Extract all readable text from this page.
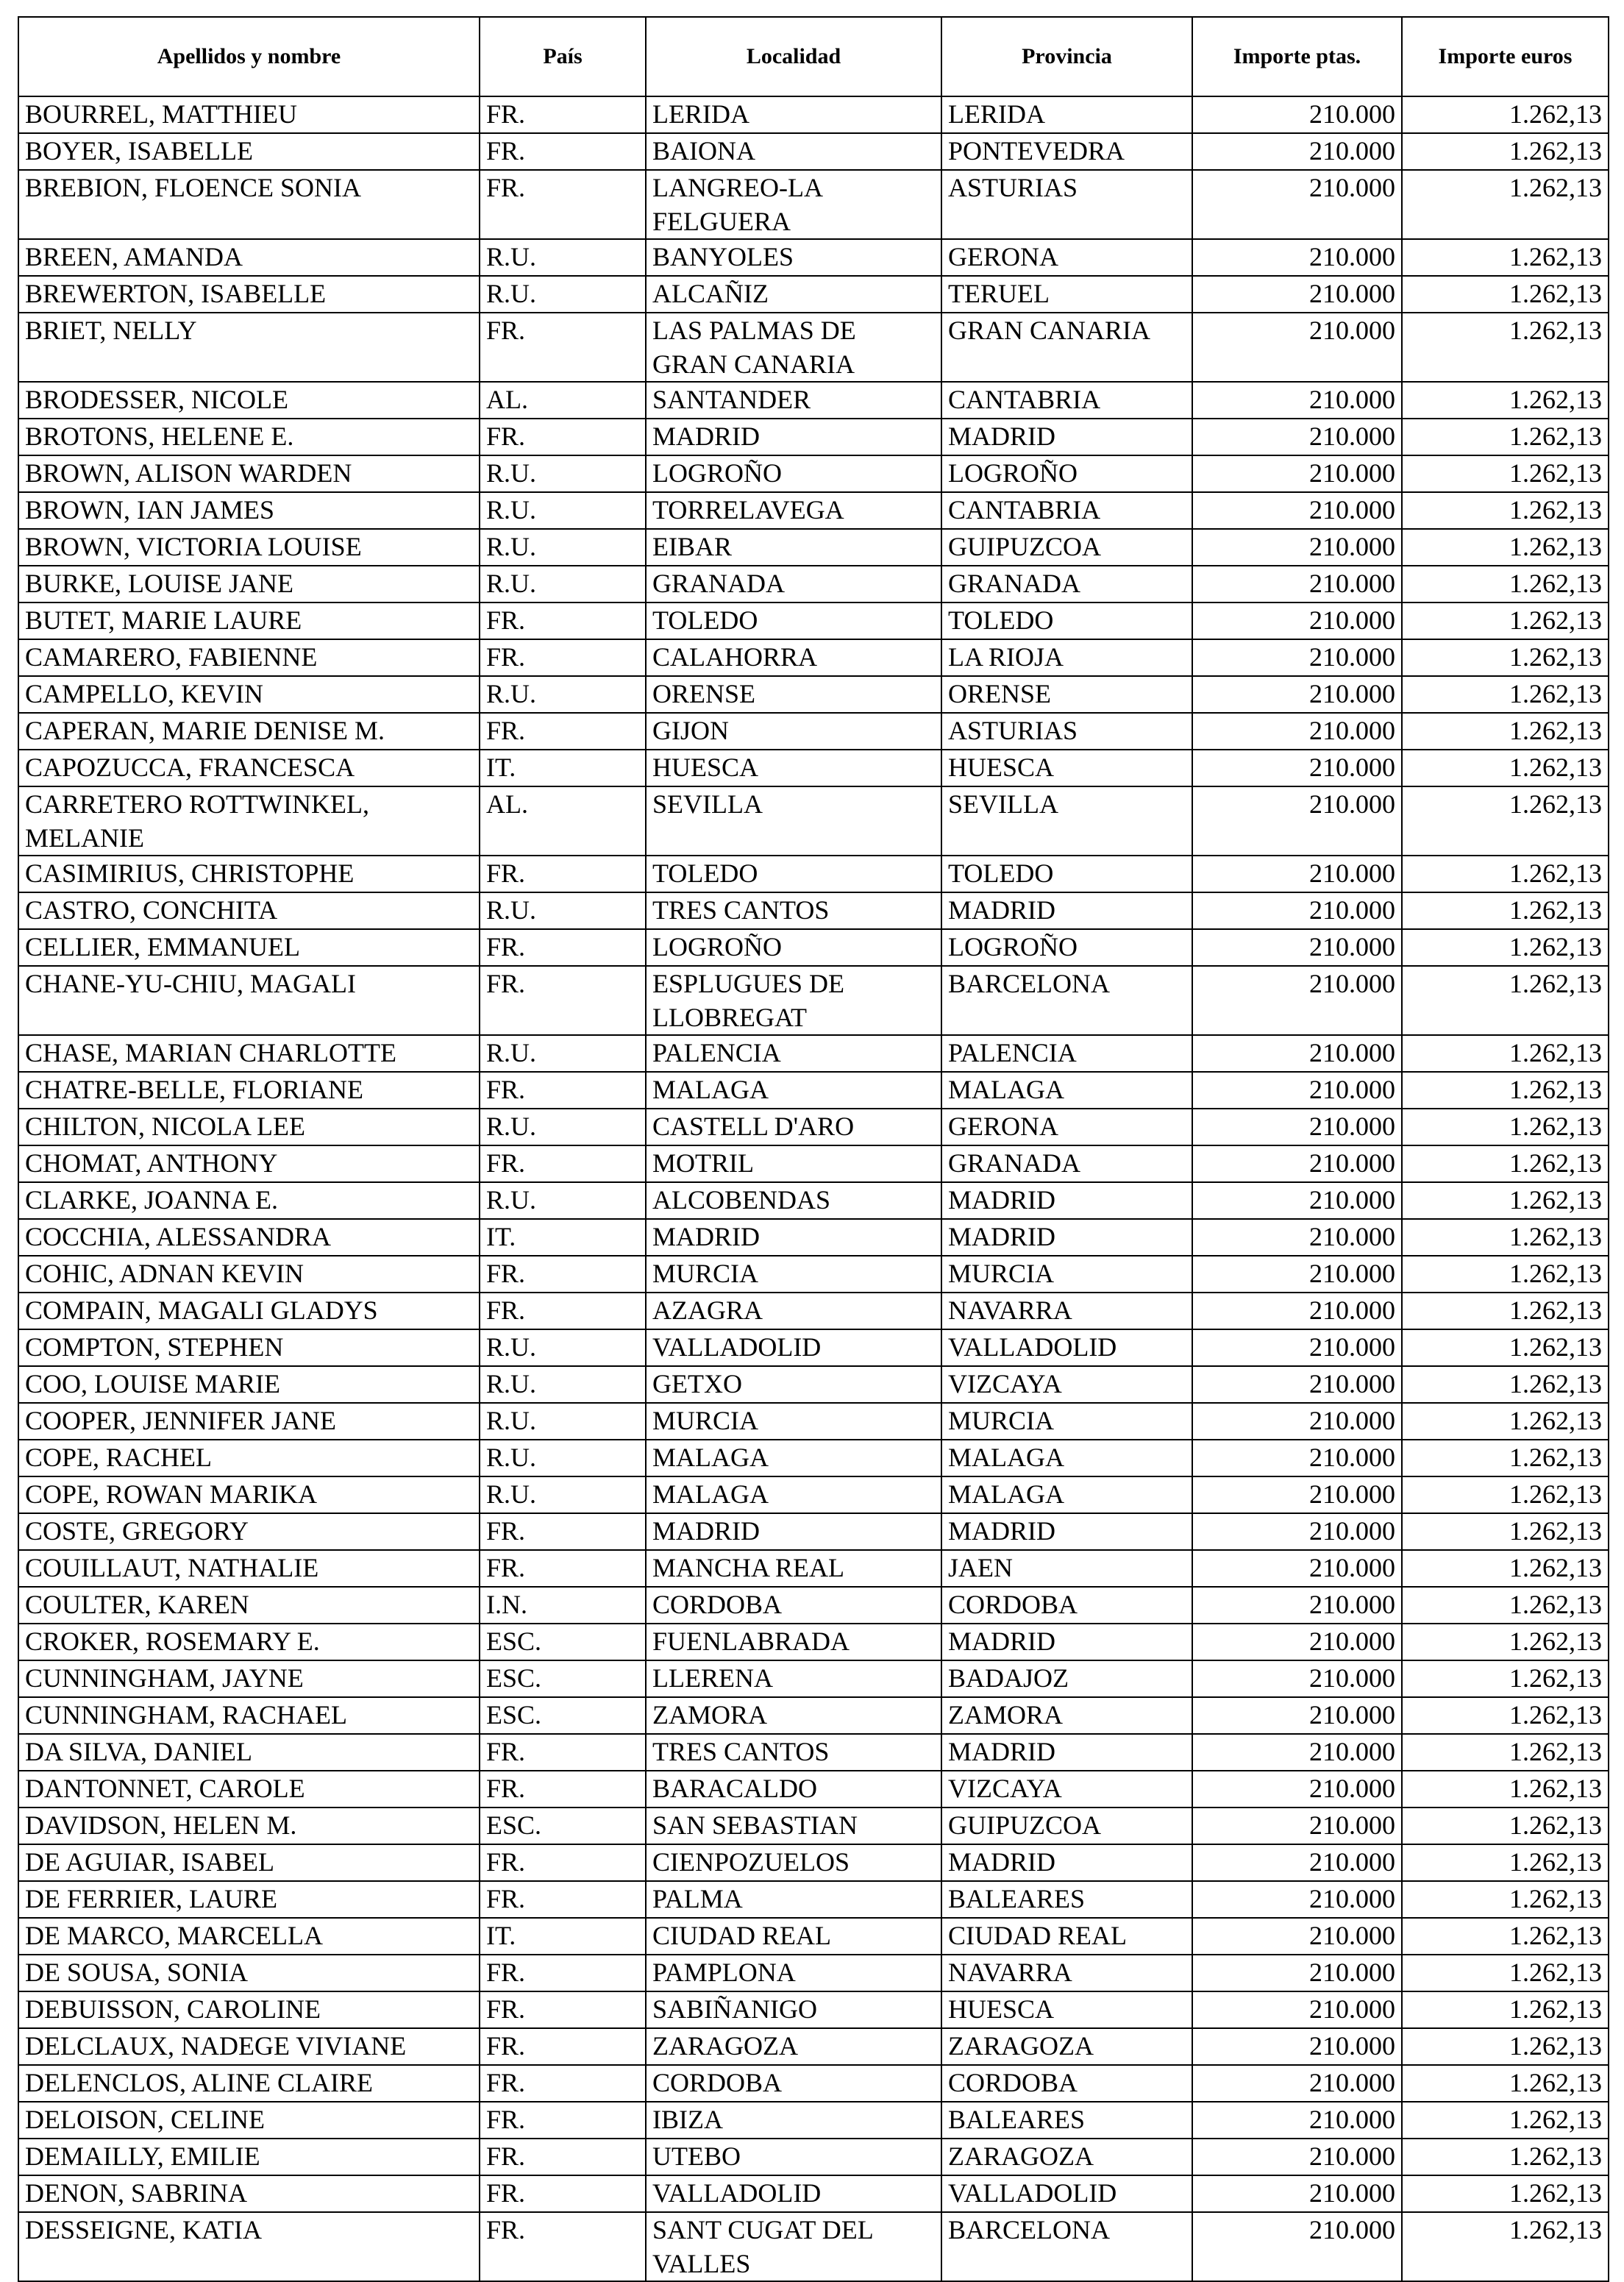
Apellidos y nombre	País	Localidad	Provincia	Importe ptas.	Importe euros
BOURREL, MATTHIEU	FR.	LERIDA	LERIDA	210.000	1.262,13
BOYER, ISABELLE	FR.	BAIONA	PONTEVEDRA	210.000	1.262,13
BREBION, FLOENCE SONIA	FR.	LANGREO-LA FELGUERA	ASTURIAS	210.000	1.262,13
BREEN, AMANDA	R.U.	BANYOLES	GERONA	210.000	1.262,13
BREWERTON, ISABELLE	R.U.	ALCAÑIZ	TERUEL	210.000	1.262,13
BRIET, NELLY	FR.	LAS PALMAS DE GRAN CANARIA	GRAN CANARIA	210.000	1.262,13
BRODESSER, NICOLE	AL.	SANTANDER	CANTABRIA	210.000	1.262,13
BROTONS, HELENE E.	FR.	MADRID	MADRID	210.000	1.262,13
BROWN, ALISON WARDEN	R.U.	LOGROÑO	LOGROÑO	210.000	1.262,13
BROWN, IAN JAMES	R.U.	TORRELAVEGA	CANTABRIA	210.000	1.262,13
BROWN, VICTORIA LOUISE	R.U.	EIBAR	GUIPUZCOA	210.000	1.262,13
BURKE, LOUISE JANE	R.U.	GRANADA	GRANADA	210.000	1.262,13
BUTET, MARIE LAURE	FR.	TOLEDO	TOLEDO	210.000	1.262,13
CAMARERO, FABIENNE	FR.	CALAHORRA	LA RIOJA	210.000	1.262,13
CAMPELLO, KEVIN	R.U.	ORENSE	ORENSE	210.000	1.262,13
CAPERAN, MARIE DENISE M.	FR.	GIJON	ASTURIAS	210.000	1.262,13
CAPOZUCCA, FRANCESCA	IT.	HUESCA	HUESCA	210.000	1.262,13
CARRETERO ROTTWINKEL, MELANIE	AL.	SEVILLA	SEVILLA	210.000	1.262,13
CASIMIRIUS, CHRISTOPHE	FR.	TOLEDO	TOLEDO	210.000	1.262,13
CASTRO, CONCHITA	R.U.	TRES CANTOS	MADRID	210.000	1.262,13
CELLIER, EMMANUEL	FR.	LOGROÑO	LOGROÑO	210.000	1.262,13
CHANE-YU-CHIU, MAGALI	FR.	ESPLUGUES DE LLOBREGAT	BARCELONA	210.000	1.262,13
CHASE, MARIAN CHARLOTTE	R.U.	PALENCIA	PALENCIA	210.000	1.262,13
CHATRE-BELLE, FLORIANE	FR.	MALAGA	MALAGA	210.000	1.262,13
CHILTON, NICOLA LEE	R.U.	CASTELL D'ARO	GERONA	210.000	1.262,13
CHOMAT, ANTHONY	FR.	MOTRIL	GRANADA	210.000	1.262,13
CLARKE, JOANNA E.	R.U.	ALCOBENDAS	MADRID	210.000	1.262,13
COCCHIA, ALESSANDRA	IT.	MADRID	MADRID	210.000	1.262,13
COHIC, ADNAN KEVIN	FR.	MURCIA	MURCIA	210.000	1.262,13
COMPAIN, MAGALI GLADYS	FR.	AZAGRA	NAVARRA	210.000	1.262,13
COMPTON, STEPHEN	R.U.	VALLADOLID	VALLADOLID	210.000	1.262,13
COO, LOUISE MARIE	R.U.	GETXO	VIZCAYA	210.000	1.262,13
COOPER, JENNIFER JANE	R.U.	MURCIA	MURCIA	210.000	1.262,13
COPE, RACHEL	R.U.	MALAGA	MALAGA	210.000	1.262,13
COPE, ROWAN MARIKA	R.U.	MALAGA	MALAGA	210.000	1.262,13
COSTE, GREGORY	FR.	MADRID	MADRID	210.000	1.262,13
COUILLAUT, NATHALIE	FR.	MANCHA REAL	JAEN	210.000	1.262,13
COULTER, KAREN	I.N.	CORDOBA	CORDOBA	210.000	1.262,13
CROKER, ROSEMARY E.	ESC.	FUENLABRADA	MADRID	210.000	1.262,13
CUNNINGHAM, JAYNE	ESC.	LLERENA	BADAJOZ	210.000	1.262,13
CUNNINGHAM, RACHAEL	ESC.	ZAMORA	ZAMORA	210.000	1.262,13
DA SILVA, DANIEL	FR.	TRES CANTOS	MADRID	210.000	1.262,13
DANTONNET, CAROLE	FR.	BARACALDO	VIZCAYA	210.000	1.262,13
DAVIDSON, HELEN M.	ESC.	SAN SEBASTIAN	GUIPUZCOA	210.000	1.262,13
DE AGUIAR, ISABEL	FR.	CIENPOZUELOS	MADRID	210.000	1.262,13
DE FERRIER, LAURE	FR.	PALMA	BALEARES	210.000	1.262,13
DE MARCO, MARCELLA	IT.	CIUDAD REAL	CIUDAD REAL	210.000	1.262,13
DE SOUSA, SONIA	FR.	PAMPLONA	NAVARRA	210.000	1.262,13
DEBUISSON, CAROLINE	FR.	SABIÑANIGO	HUESCA	210.000	1.262,13
DELCLAUX, NADEGE VIVIANE	FR.	ZARAGOZA	ZARAGOZA	210.000	1.262,13
DELENCLOS, ALINE CLAIRE	FR.	CORDOBA	CORDOBA	210.000	1.262,13
DELOISON, CELINE	FR.	IBIZA	BALEARES	210.000	1.262,13
DEMAILLY, EMILIE	FR.	UTEBO	ZARAGOZA	210.000	1.262,13
DENON, SABRINA	FR.	VALLADOLID	VALLADOLID	210.000	1.262,13
DESSEIGNE, KATIA	FR.	SANT CUGAT DEL VALLES	BARCELONA	210.000	1.262,13
